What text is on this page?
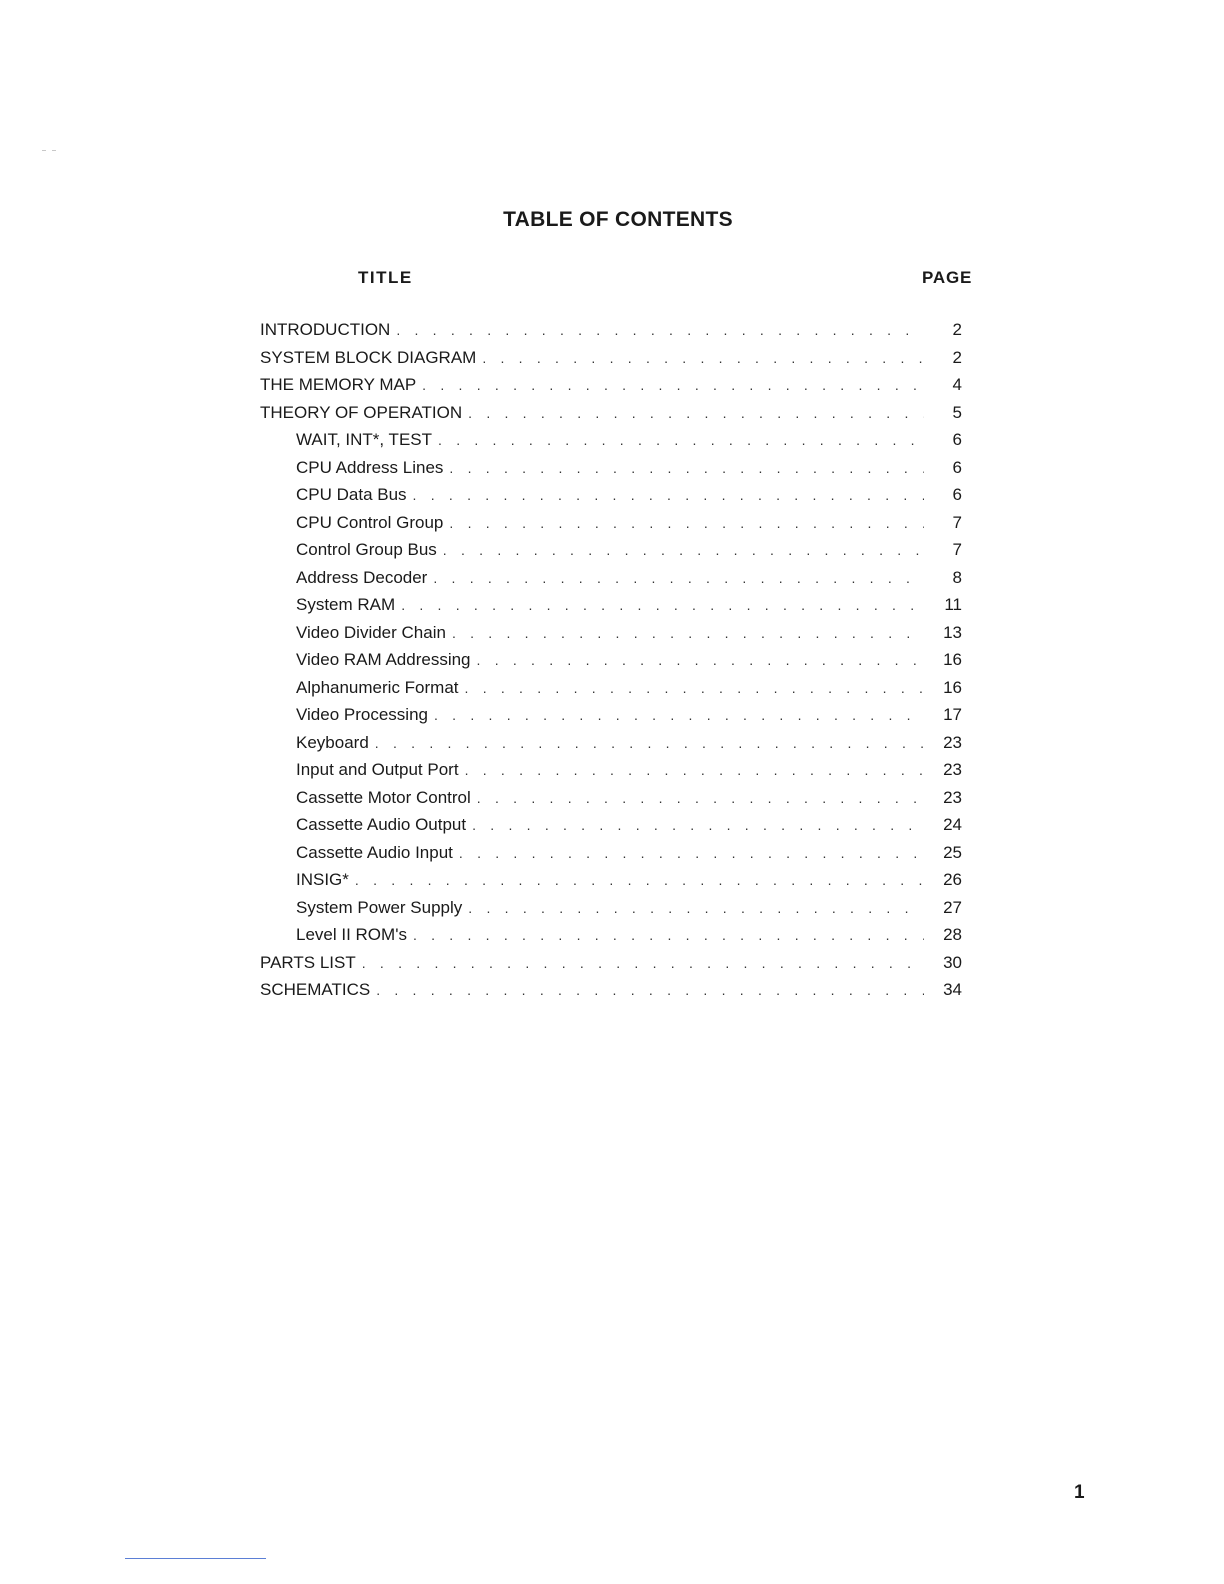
TABLE OF CONTENTS
TITLE	PAGE
INTRODUCTION . . .	2
SYSTEM BLOCK DIAGRAM . . .	2
THE MEMORY MAP . . .	4
THEORY OF OPERATION . . .	5
WAIT, INT*, TEST . . .	6
CPU Address Lines . . .	6
CPU Data Bus . . .	6
CPU Control Group . . .	7
Control Group Bus . . .	7
Address Decoder . . .	8
System RAM . . .	11
Video Divider Chain . . .	13
Video RAM Addressing . . .	16
Alphanumeric Format . . .	16
Video Processing . . .	17
Keyboard . . .	23
Input and Output Port . . .	23
Cassette Motor Control . . .	23
Cassette Audio Output . . .	24
Cassette Audio Input . . .	25
INSIG* . . .	26
System Power Supply . . .	27
Level II ROM's . . .	28
PARTS LIST . . .	30
SCHEMATICS . . .	34
1
